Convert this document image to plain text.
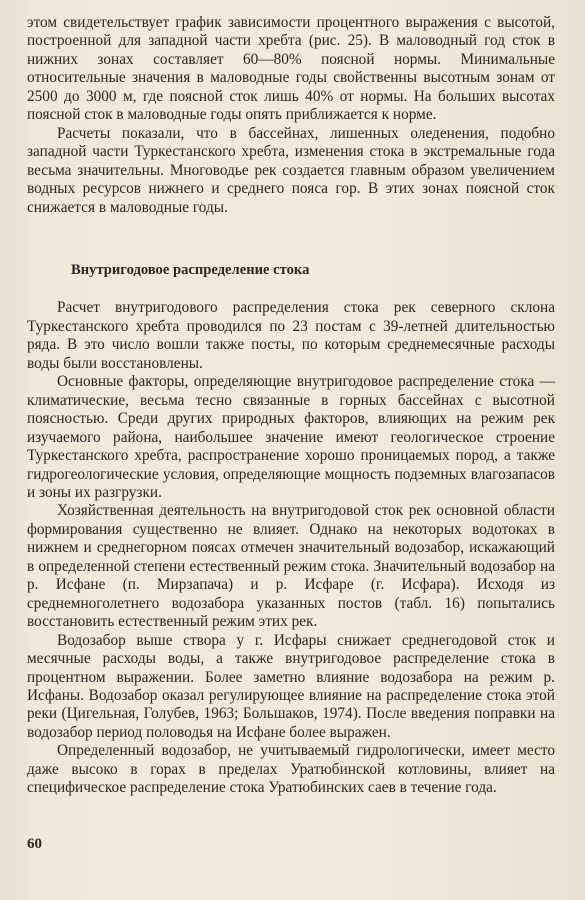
этом свидетельствует график зависимости процентного выражения с высотой, построенной для западной части хребта (рис. 25). В маловодный год сток в нижних зонах составляет 60—80% поясной нормы. Минимальные относительные значения в маловодные годы свойственны высотным зонам от 2500 до 3000 м, где поясной сток лишь 40% от нормы. На больших высотах поясной сток в маловодные годы опять приближается к норме.

Расчеты показали, что в бассейнах, лишенных оледенения, подобно западной части Туркестанского хребта, изменения стока в экстремальные года весьма значительны. Многоводье рек создается главным образом увеличением водных ресурсов нижнего и среднего пояса гор. В этих зонах поясной сток снижается в маловодные годы.

Внутригодовое распределение стока

Расчет внутригодового распределения стока рек северного склона Туркестанского хребта проводился по 23 постам с 39-летней длительностью ряда. В это число вошли также посты, по которым среднемесячные расходы воды были восстановлены.

Основные факторы, определяющие внутригодовое распределение стока — климатические, весьма тесно связанные в горных бассейнах с высотной поясностью. Среди других природных факторов, влияющих на режим рек изучаемого района, наибольшее значение имеют геологическое строение Туркестанского хребта, распространение хорошо проницаемых пород, а также гидрогеологические условия, определяющие мощность подземных влагозапасов и зоны их разгрузки.

Хозяйственная деятельность на внутригодовой сток рек основной области формирования существенно не влияет. Однако на некоторых водотоках в нижнем и среднегорном поясах отмечен значительный водозабор, искажающий в определенной степени естественный режим стока. Значительный водозабор на р. Исфане (п. Мирзапача) и р. Исфаре (г. Исфара). Исходя из среднемноголетнего водозабора указанных постов (табл. 16) попытались восстановить естественный режим этих рек.

Водозабор выше створа у г. Исфары снижает среднегодовой сток и месячные расходы воды, а также внутригодовое распределение стока в процентном выражении. Более заметно влияние водозабора на режим р. Исфаны. Водозабор оказал регулирующее влияние на распределение стока этой реки (Цигельная, Голубев, 1963; Большаков, 1974). После введения поправки на водозабор период половодья на Исфане более выражен.

Определенный водозабор, не учитываемый гидрологически, имеет место даже высоко в горах в пределах Уратюбинской котловины, влияет на специфическое распределение стока Уратюбинских саев в течение года.

60
